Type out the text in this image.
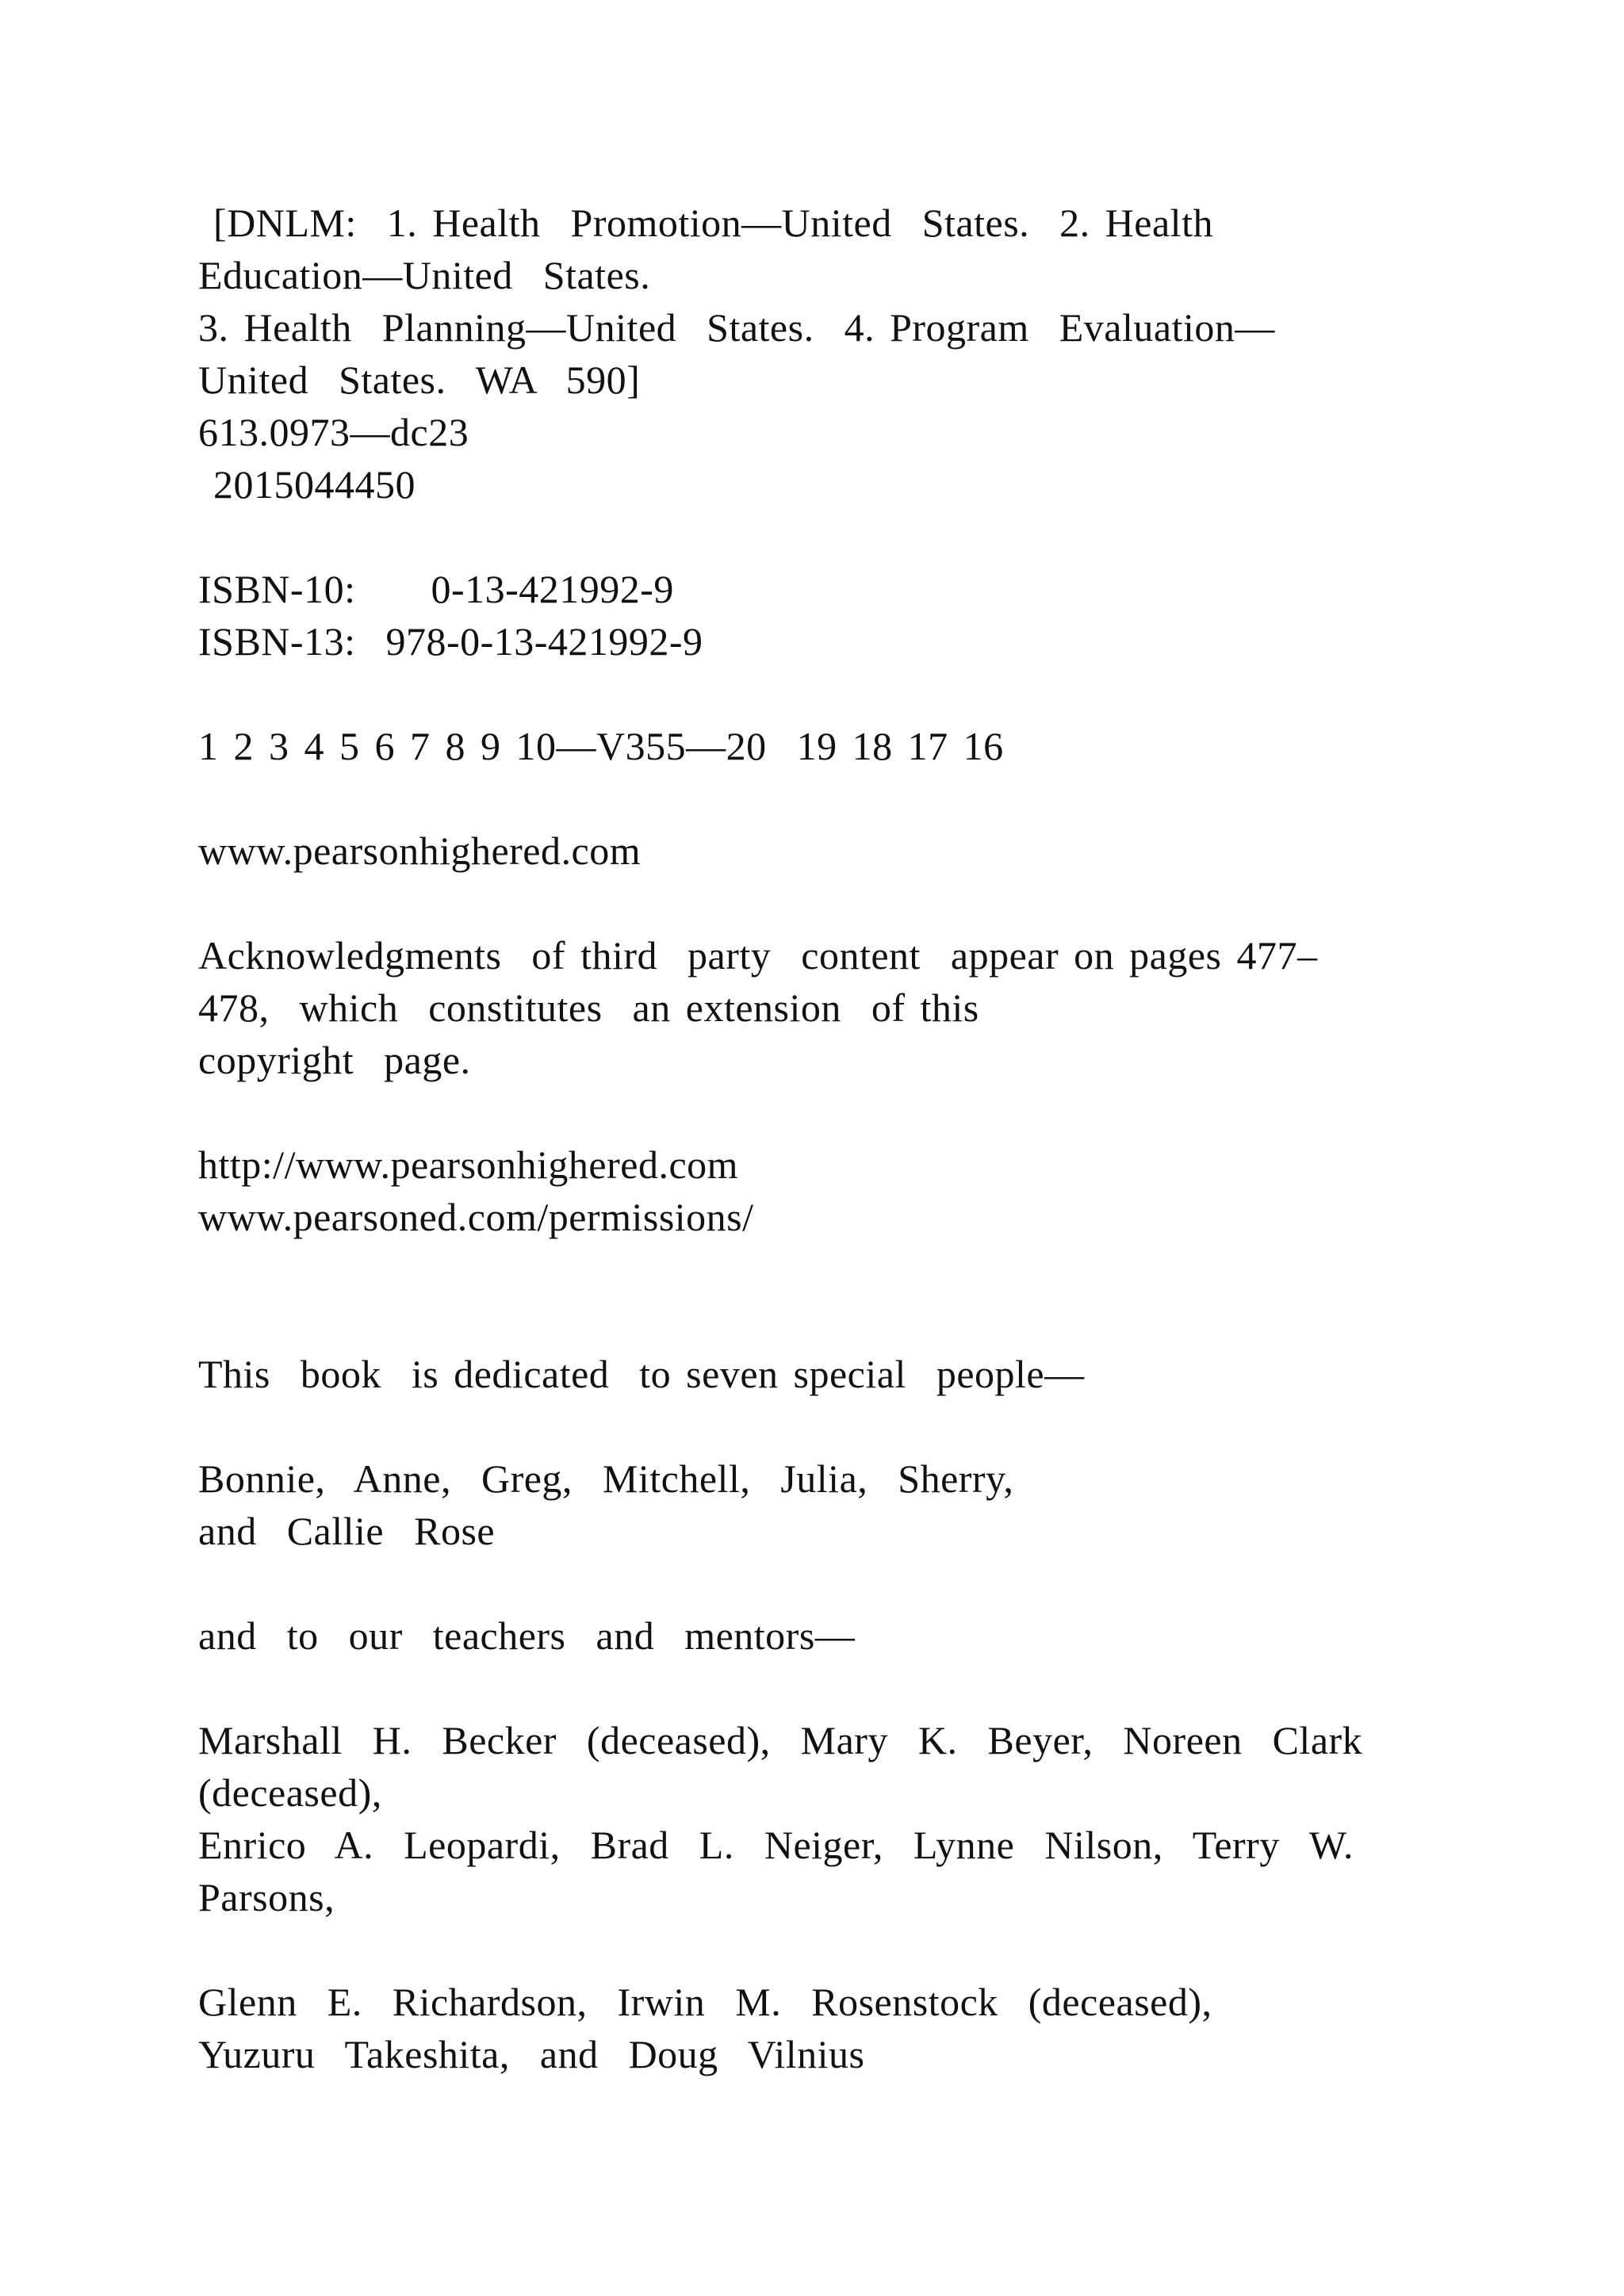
[DNLM:  1. Health  Promotion—United  States.  2. Health
Education—United  States.
3. Health  Planning—United  States.  4. Program  Evaluation—
United  States.  WA  590]
613.0973—dc23
2015044450
ISBN-10:     0-13-421992-9
ISBN-13:  978-0-13-421992-9
1 2 3 4 5 6 7 8 9 10—V355—20  19 18 17 16
www.pearsonhighered.com
Acknowledgments  of third  party  content  appear on pages 477–
478,  which  constitutes  an extension  of this
copyright  page.
http://www.pearsonhighered.com
www.pearsoned.com/permissions/
This  book  is dedicated  to seven special  people—
Bonnie,  Anne,  Greg,  Mitchell,  Julia,  Sherry,
and  Callie  Rose
and  to  our  teachers  and  mentors—
Marshall  H.  Becker  (deceased),  Mary  K.  Beyer,  Noreen  Clark
(deceased),
Enrico  A.  Leopardi,  Brad  L.  Neiger,  Lynne  Nilson,  Terry  W.
Parsons,
Glenn  E.  Richardson,  Irwin  M.  Rosenstock  (deceased),
Yuzuru  Takeshita,  and  Doug  Vilnius
